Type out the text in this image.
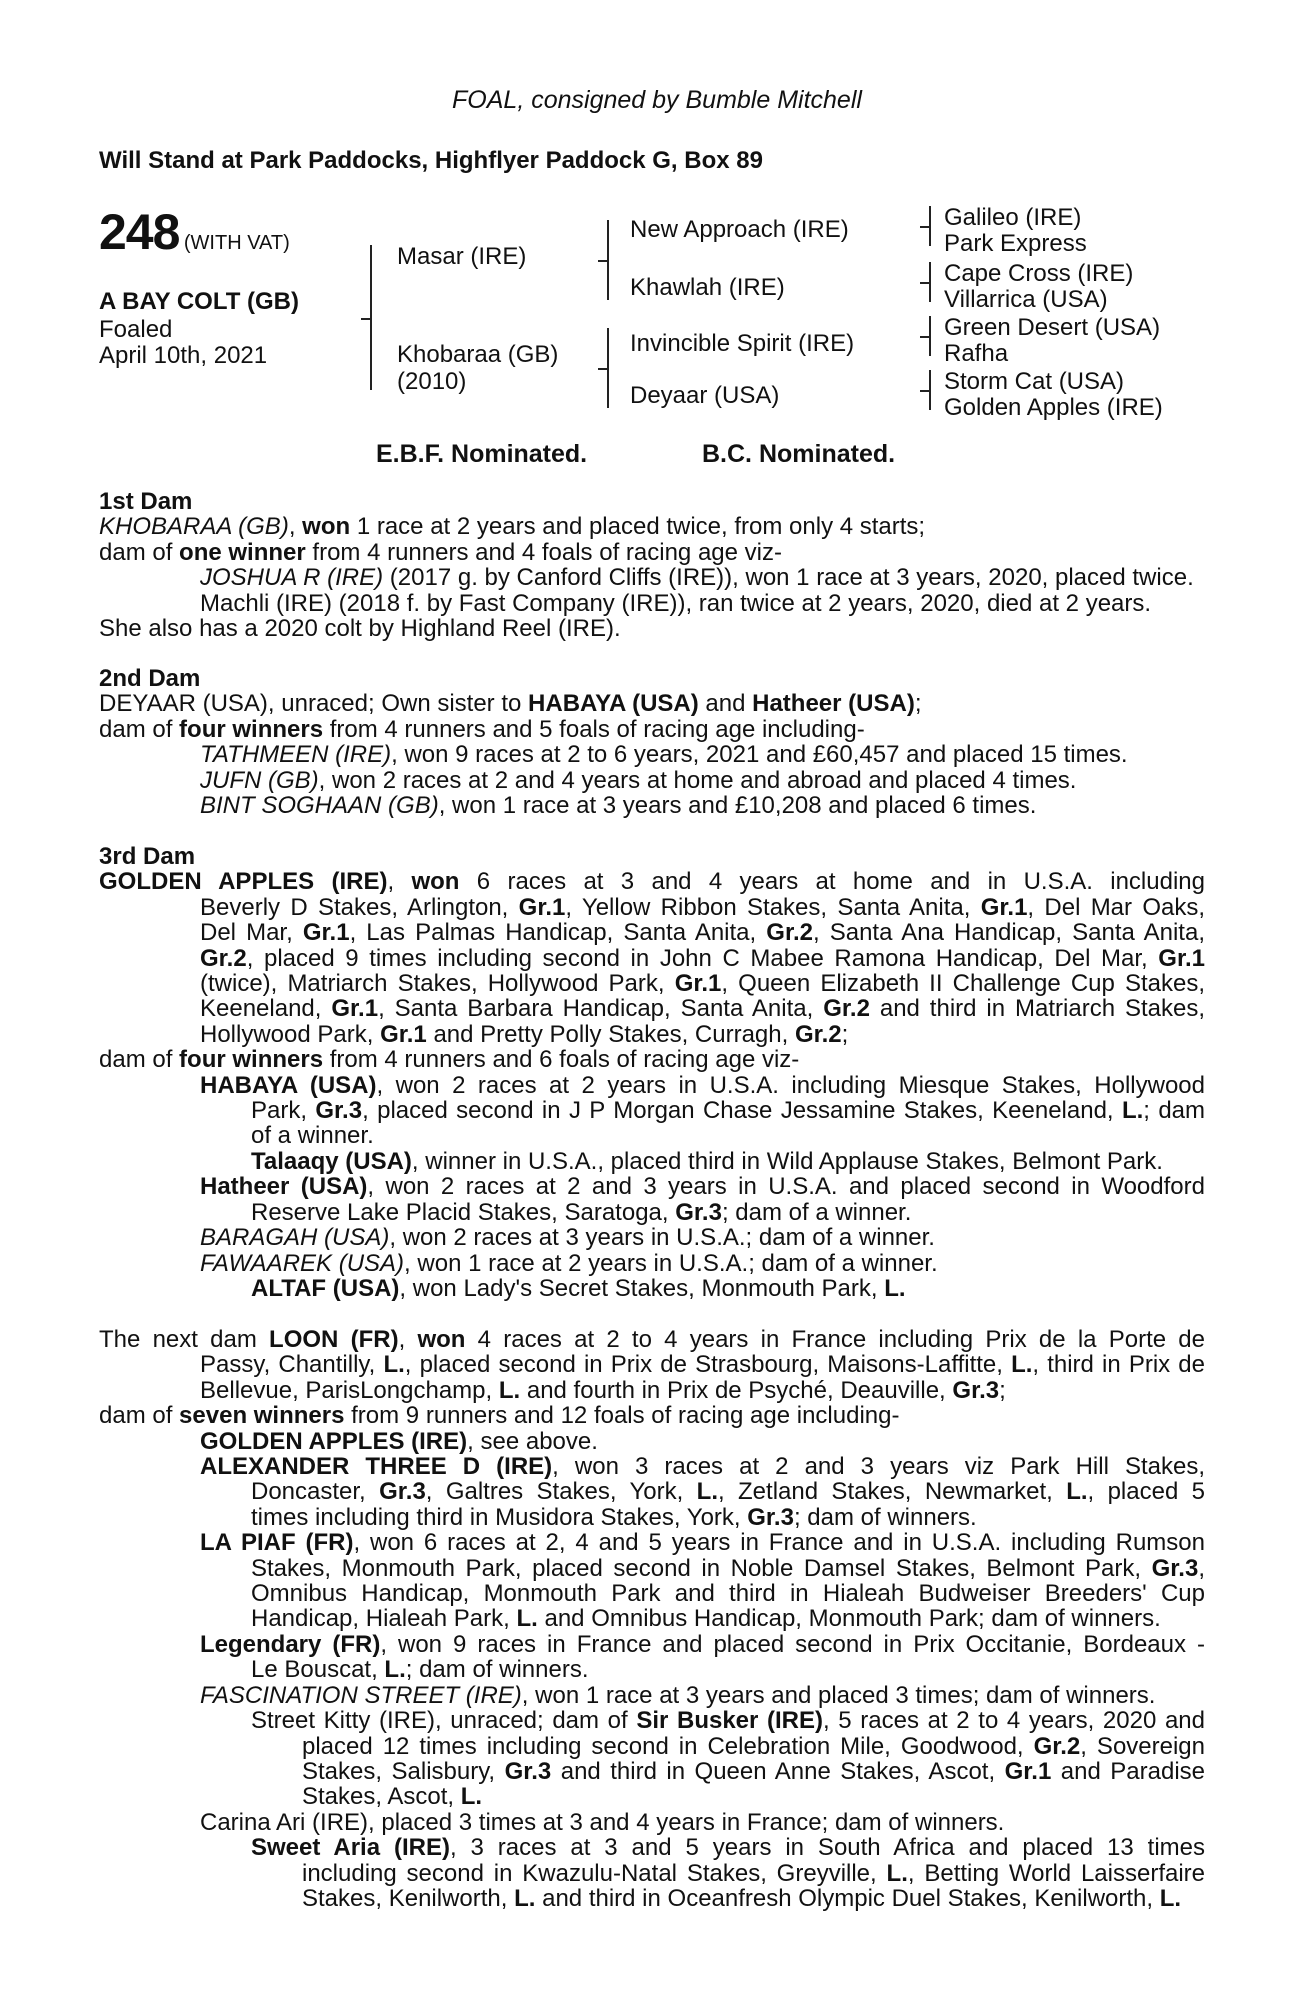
FOAL, consigned by Bumble Mitchell
Will Stand at Park Paddocks, Highflyer Paddock G, Box 89
248 (WITH VAT)
A BAY COLT (GB)
Foaled
April 10th, 2021
Masar (IRE)
Khobaraa (GB)
(2010)
New Approach (IRE)
Khawlah (IRE)
Invincible Spirit (IRE)
Deyaar (USA)
Galileo (IRE)
Park Express
Cape Cross (IRE)
Villarrica (USA)
Green Desert (USA)
Rafha
Storm Cat (USA)
Golden Apples (IRE)
E.B.F. Nominated.	B.C. Nominated.
1st Dam
KHOBARAA (GB), won 1 race at 2 years and placed twice, from only 4 starts;
dam of one winner from 4 runners and 4 foals of racing age viz-
JOSHUA R (IRE) (2017 g. by Canford Cliffs (IRE)), won 1 race at 3 years, 2020, placed twice.
Machli (IRE) (2018 f. by Fast Company (IRE)), ran twice at 2 years, 2020, died at 2 years.
She also has a 2020 colt by Highland Reel (IRE).
2nd Dam
DEYAAR (USA), unraced; Own sister to HABAYA (USA) and Hatheer (USA);
dam of four winners from 4 runners and 5 foals of racing age including-
TATHMEEN (IRE), won 9 races at 2 to 6 years, 2021 and £60,457 and placed 15 times.
JUFN (GB), won 2 races at 2 and 4 years at home and abroad and placed 4 times.
BINT SOGHAAN (GB), won 1 race at 3 years and £10,208 and placed 6 times.
3rd Dam
GOLDEN APPLES (IRE), won 6 races at 3 and 4 years at home and in U.S.A. including
Beverly D Stakes, Arlington, Gr.1, Yellow Ribbon Stakes, Santa Anita, Gr.1, Del Mar Oaks,
Del Mar, Gr.1, Las Palmas Handicap, Santa Anita, Gr.2, Santa Ana Handicap, Santa Anita,
Gr.2, placed 9 times including second in John C Mabee Ramona Handicap, Del Mar, Gr.1
(twice), Matriarch Stakes, Hollywood Park, Gr.1, Queen Elizabeth II Challenge Cup Stakes,
Keeneland, Gr.1, Santa Barbara Handicap, Santa Anita, Gr.2 and third in Matriarch Stakes,
Hollywood Park, Gr.1 and Pretty Polly Stakes, Curragh, Gr.2;
dam of four winners from 4 runners and 6 foals of racing age viz-
HABAYA (USA), won 2 races at 2 years in U.S.A. including Miesque Stakes, Hollywood
Park, Gr.3, placed second in J P Morgan Chase Jessamine Stakes, Keeneland, L.; dam
of a winner.
Talaaqy (USA), winner in U.S.A., placed third in Wild Applause Stakes, Belmont Park.
Hatheer (USA), won 2 races at 2 and 3 years in U.S.A. and placed second in Woodford
Reserve Lake Placid Stakes, Saratoga, Gr.3; dam of a winner.
BARAGAH (USA), won 2 races at 3 years in U.S.A.; dam of a winner.
FAWAAREK (USA), won 1 race at 2 years in U.S.A.; dam of a winner.
ALTAF (USA), won Lady's Secret Stakes, Monmouth Park, L.
The next dam LOON (FR), won 4 races at 2 to 4 years in France including Prix de la Porte de
Passy, Chantilly, L., placed second in Prix de Strasbourg, Maisons-Laffitte, L., third in Prix de
Bellevue, ParisLongchamp, L. and fourth in Prix de Psyché, Deauville, Gr.3;
dam of seven winners from 9 runners and 12 foals of racing age including-
GOLDEN APPLES (IRE), see above.
ALEXANDER THREE D (IRE), won 3 races at 2 and 3 years viz Park Hill Stakes,
Doncaster, Gr.3, Galtres Stakes, York, L., Zetland Stakes, Newmarket, L., placed 5
times including third in Musidora Stakes, York, Gr.3; dam of winners.
LA PIAF (FR), won 6 races at 2, 4 and 5 years in France and in U.S.A. including Rumson
Stakes, Monmouth Park, placed second in Noble Damsel Stakes, Belmont Park, Gr.3,
Omnibus Handicap, Monmouth Park and third in Hialeah Budweiser Breeders' Cup
Handicap, Hialeah Park, L. and Omnibus Handicap, Monmouth Park; dam of winners.
Legendary (FR), won 9 races in France and placed second in Prix Occitanie, Bordeaux -
Le Bouscat, L.; dam of winners.
FASCINATION STREET (IRE), won 1 race at 3 years and placed 3 times; dam of winners.
Street Kitty (IRE), unraced; dam of Sir Busker (IRE), 5 races at 2 to 4 years, 2020 and
placed 12 times including second in Celebration Mile, Goodwood, Gr.2, Sovereign
Stakes, Salisbury, Gr.3 and third in Queen Anne Stakes, Ascot, Gr.1 and Paradise
Stakes, Ascot, L.
Carina Ari (IRE), placed 3 times at 3 and 4 years in France; dam of winners.
Sweet Aria (IRE), 3 races at 3 and 5 years in South Africa and placed 13 times
including second in Kwazulu-Natal Stakes, Greyville, L., Betting World Laisserfaire
Stakes, Kenilworth, L. and third in Oceanfresh Olympic Duel Stakes, Kenilworth, L.
